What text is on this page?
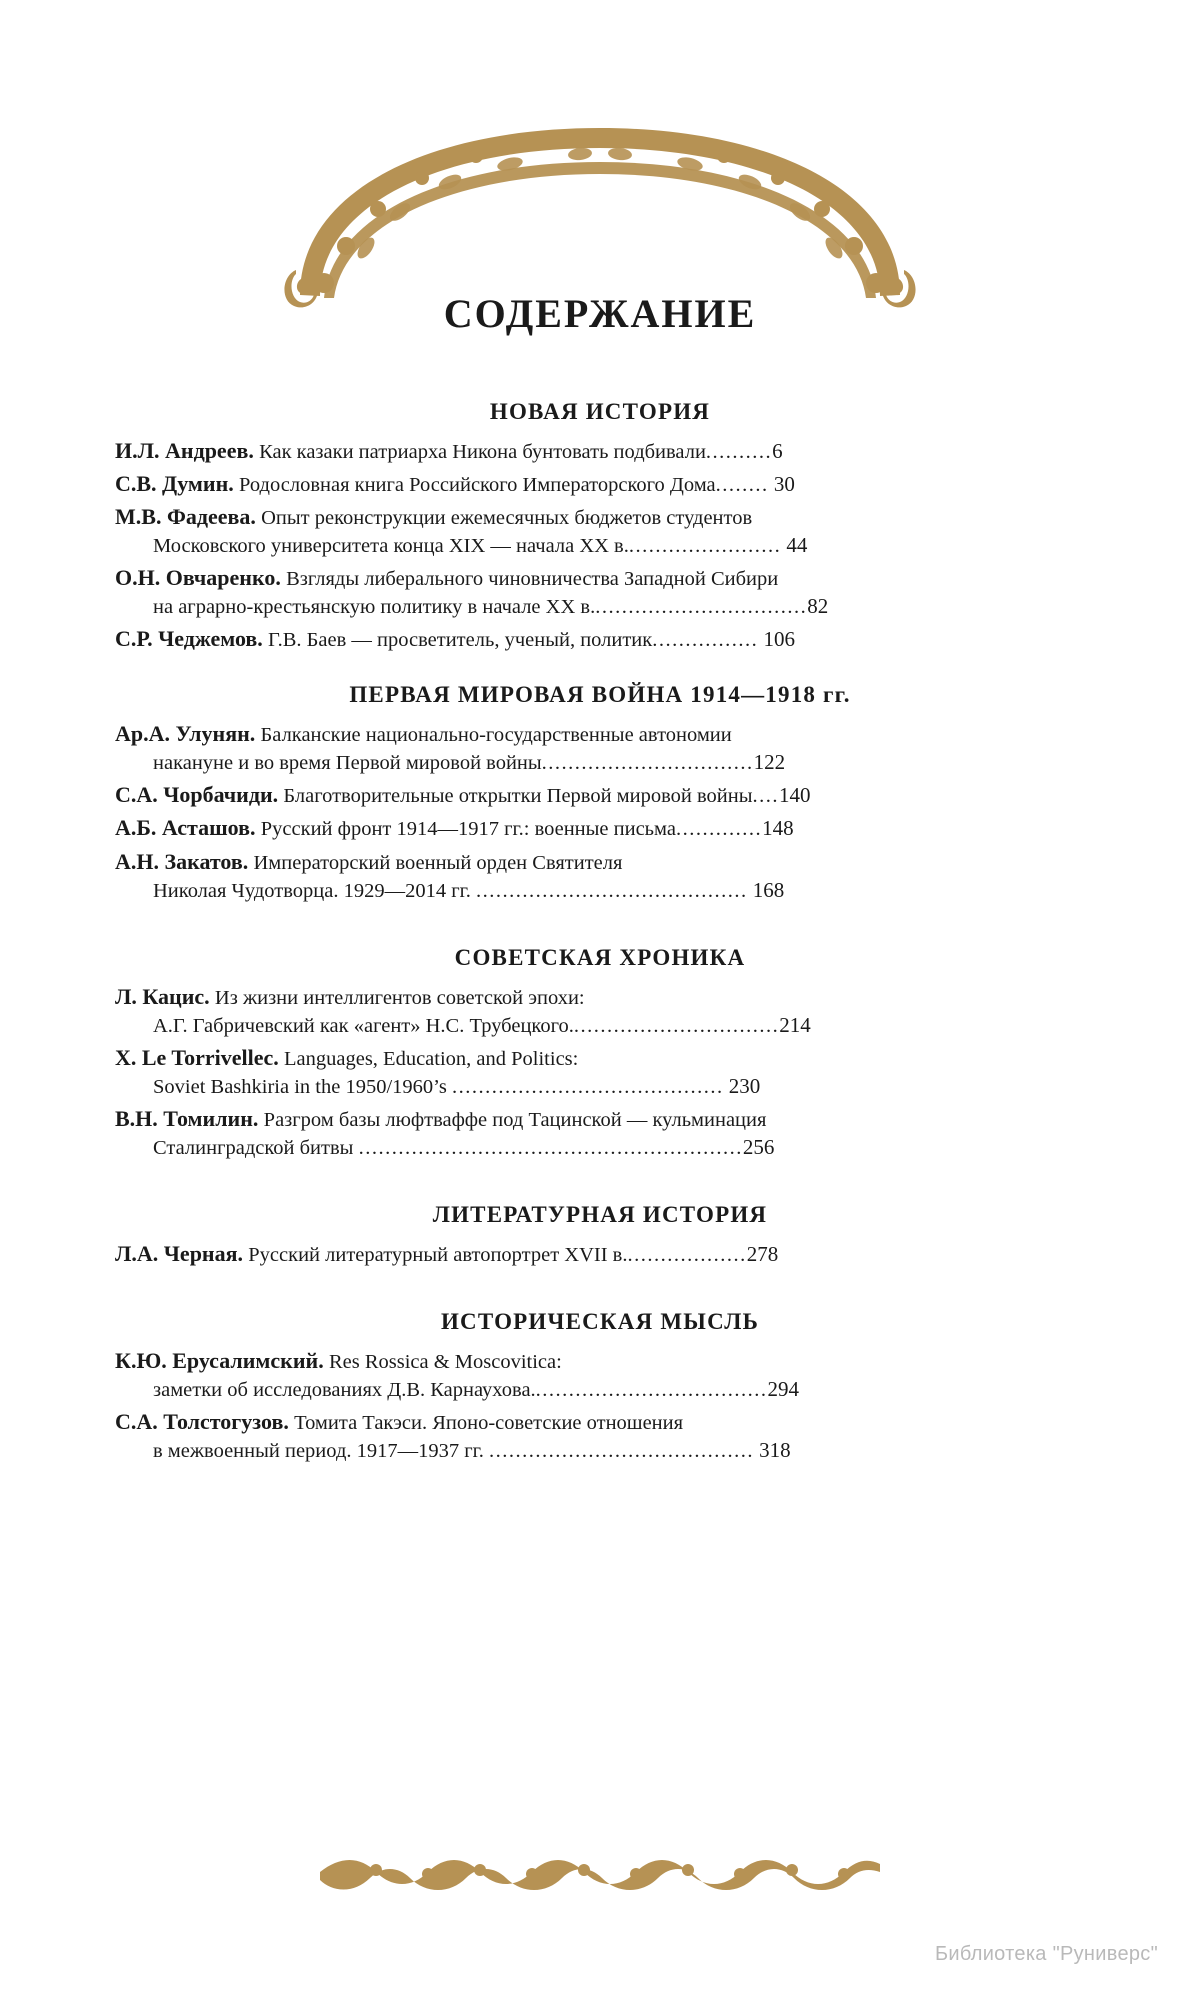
СОДЕРЖАНИЕ
НОВАЯ ИСТОРИЯ

И.Л. Андреев. Как казаки патриарха Никона бунтовать подбивали..........6

С.В. Думин. Родословная книга Российского Императорского Дома........ 30

М.В. Фадеева. Опыт реконструкции ежемесячных бюджетов студентов
Московского университета конца XIX — начала XX в........................ 44

О.Н. Овчаренко. Взгляды либерального чиновничества Западной Сибири
на аграрно-крестьянскую политику в начале XX в.................................82

С.Р. Чеджемов. Г.В. Баев — просветитель, ученый, политик................ 106

ПЕРВАЯ МИРОВАЯ ВОЙНА 1914—1918 гг.

Ар.А. Улунян. Балканские национально-государственные автономии
накануне и во время Первой мировой войны................................122

С.А. Чорбачиди. Благотворительные открытки Первой мировой войны....140

А.Б. Асташов. Русский фронт 1914—1917 гг.: военные письма.............148

А.Н. Закатов. Императорский военный орден Святителя
Николая Чудотворца. 1929—2014 гг. ......................................... 168

СОВЕТСКАЯ ХРОНИКА

Л. Кацис. Из жизни интеллигентов советской эпохи:
А.Г. Габричевский как «агент» Н.С. Трубецкого................................214

X. Le Torrivellec. Languages, Education, and Politics:
Soviet Bashkiria in the 1950/1960’s ......................................... 230

В.Н. Томилин. Разгром базы люфтваффе под Тацинской — кульминация
Сталинградской битвы ..........................................................256

ЛИТЕРАТУРНАЯ ИСТОРИЯ

Л.А. Черная. Русский литературный автопортрет XVII в...................278

ИСТОРИЧЕСКАЯ МЫСЛЬ

К.Ю. Ерусалимский. Res Rossica & Moscovitica:
заметки об исследованиях Д.В. Карнаухова....................................294

С.А. Толстогузов. Томита Такэси. Японо-советские отношения
в межвоенный период. 1917—1937 гг. ........................................ 318

Библиотека "Руниверс"
